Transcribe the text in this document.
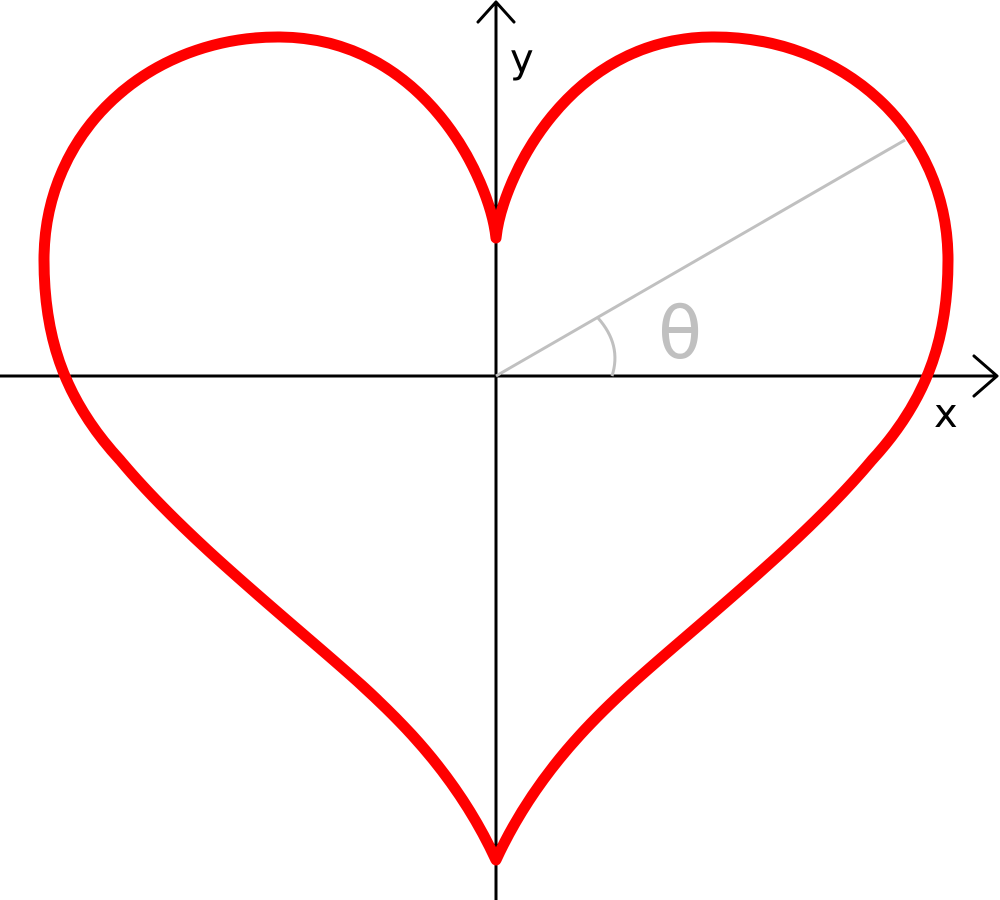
y
x
θ
